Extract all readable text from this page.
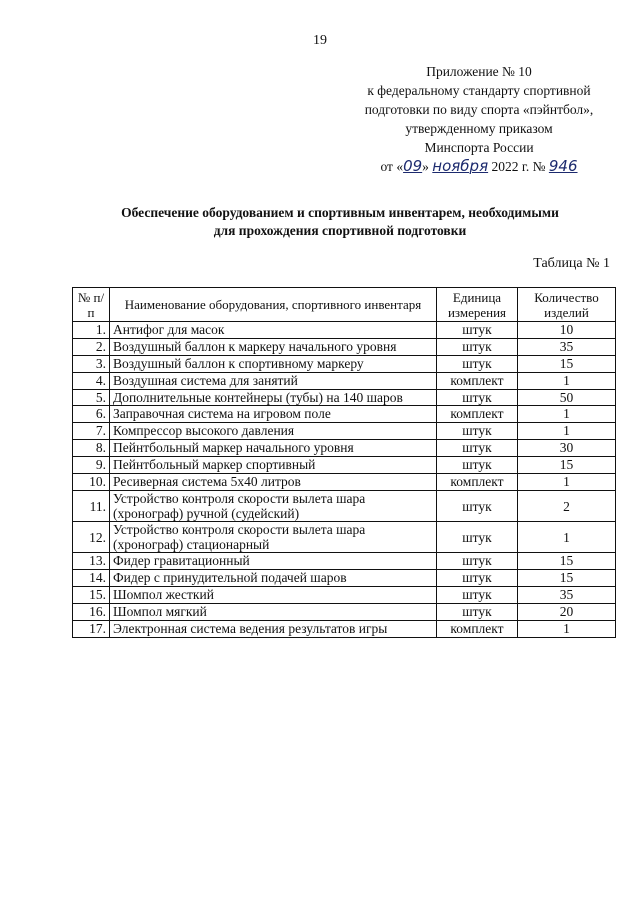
19
Приложение № 10
к федеральному стандарту спортивной
подготовки по виду спорта «пэйнтбол»,
утвержденному приказом
Минспорта России
от «09» ноября 2022 г. № 946
Обеспечение оборудованием и спортивным инвентарем, необходимыми
для прохождения спортивной подготовки
Таблица № 1
№ п/п	Наименование оборудования, спортивного инвентаря	Единица измерения	Количество изделий
1.	Антифог для масок	штук	10
2.	Воздушный баллон к маркеру начального уровня	штук	35
3.	Воздушный баллон к спортивному маркеру	штук	15
4.	Воздушная система для занятий	комплект	1
5.	Дополнительные контейнеры (тубы) на 140 шаров	штук	50
6.	Заправочная система на игровом поле	комплект	1
7.	Компрессор высокого давления	штук	1
8.	Пейнтбольный маркер начального уровня	штук	30
9.	Пейнтбольный маркер спортивный	штук	15
10.	Ресиверная система 5х40 литров	комплект	1
11.	Устройство контроля скорости вылета шара (хронограф) ручной (судейский)	штук	2
12.	Устройство контроля скорости вылета шара (хронограф) стационарный	штук	1
13.	Фидер гравитационный	штук	15
14.	Фидер с принудительной подачей шаров	штук	15
15.	Шомпол жесткий	штук	35
16.	Шомпол мягкий	штук	20
17.	Электронная система ведения результатов игры	комплект	1
